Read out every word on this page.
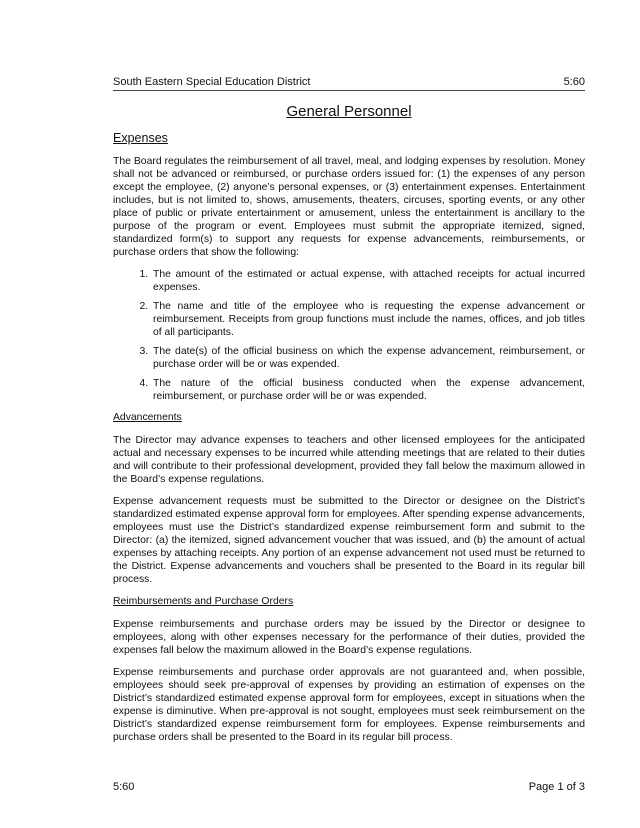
South Eastern Special Education District	5:60
General Personnel
Expenses

The Board regulates the reimbursement of all travel, meal, and lodging expenses by resolution. Money shall not be advanced or reimbursed, or purchase orders issued for: (1) the expenses of any person except the employee, (2) anyone’s personal expenses, or (3) entertainment expenses. Entertainment includes, but is not limited to, shows, amusements, theaters, circuses, sporting events, or any other place of public or private entertainment or amusement, unless the entertainment is ancillary to the purpose of the program or event. Employees must submit the appropriate itemized, signed, standardized form(s) to support any requests for expense advancements, reimbursements, or purchase orders that show the following:

1. The amount of the estimated or actual expense, with attached receipts for actual incurred expenses.
2. The name and title of the employee who is requesting the expense advancement or reimbursement. Receipts from group functions must include the names, offices, and job titles of all participants.
3. The date(s) of the official business on which the expense advancement, reimbursement, or purchase order will be or was expended.
4. The nature of the official business conducted when the expense advancement, reimbursement, or purchase order will be or was expended.
Advancements

The Director may advance expenses to teachers and other licensed employees for the anticipated actual and necessary expenses to be incurred while attending meetings that are related to their duties and will contribute to their professional development, provided they fall below the maximum allowed in the Board’s expense regulations.

Expense advancement requests must be submitted to the Director or designee on the District’s standardized estimated expense approval form for employees. After spending expense advancements, employees must use the District’s standardized expense reimbursement form and submit to the Director: (a) the itemized, signed advancement voucher that was issued, and (b) the amount of actual expenses by attaching receipts. Any portion of an expense advancement not used must be returned to the District. Expense advancements and vouchers shall be presented to the Board in its regular bill process.

Reimbursements and Purchase Orders

Expense reimbursements and purchase orders may be issued by the Director or designee to employees, along with other expenses necessary for the performance of their duties, provided the expenses fall below the maximum allowed in the Board’s expense regulations.

Expense reimbursements and purchase order approvals are not guaranteed and, when possible, employees should seek pre-approval of expenses by providing an estimation of expenses on the District’s standardized estimated expense approval form for employees, except in situations when the expense is diminutive. When pre-approval is not sought, employees must seek reimbursement on the District’s standardized expense reimbursement form for employees. Expense reimbursements and purchase orders shall be presented to the Board in its regular bill process.

5:60	Page 1 of 3
